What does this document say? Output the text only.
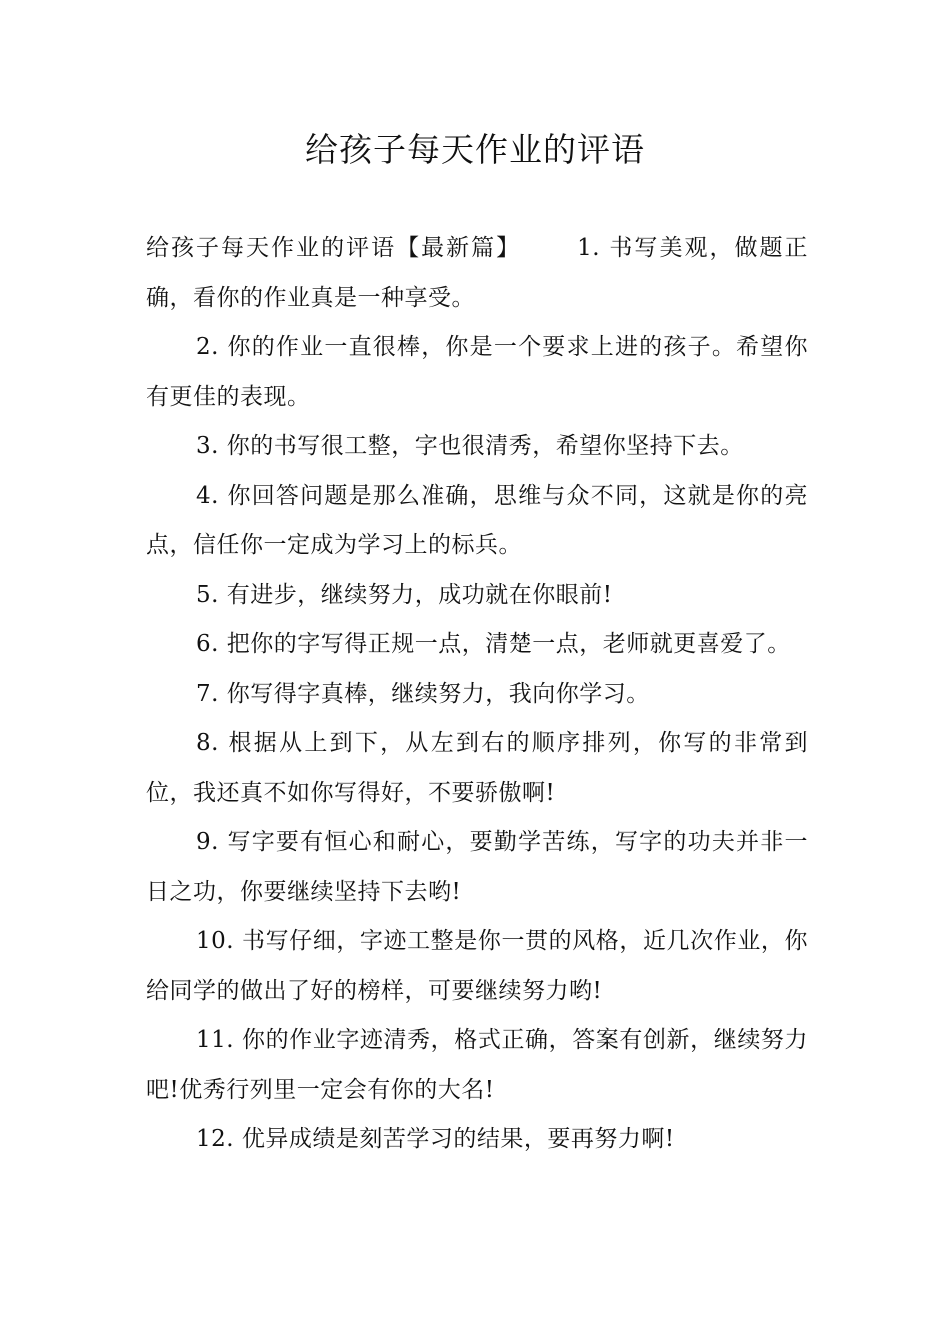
给孩子每天作业的评语

给孩子每天作业的评语【最新篇】 1. 书写美观，做题正确，看你的作业真是一种享受。

2. 你的作业一直很棒，你是一个要求上进的孩子。希望你有更佳的表现。

3. 你的书写很工整，字也很清秀，希望你坚持下去。

4. 你回答问题是那么准确，思维与众不同，这就是你的亮点，信任你一定成为学习上的标兵。

5. 有进步，继续努力，成功就在你眼前!

6. 把你的字写得正规一点，清楚一点，老师就更喜爱了。

7. 你写得字真棒，继续努力，我向你学习。

8. 根据从上到下，从左到右的顺序排列，你写的非常到位，我还真不如你写得好，不要骄傲啊!

9. 写字要有恒心和耐心，要勤学苦练，写字的功夫并非一日之功，你要继续坚持下去哟!

10. 书写仔细，字迹工整是你一贯的风格，近几次作业，你给同学的做出了好的榜样，可要继续努力哟!

11. 你的作业字迹清秀，格式正确，答案有创新，继续努力吧!优秀行列里一定会有你的大名!

12. 优异成绩是刻苦学习的结果，要再努力啊!
